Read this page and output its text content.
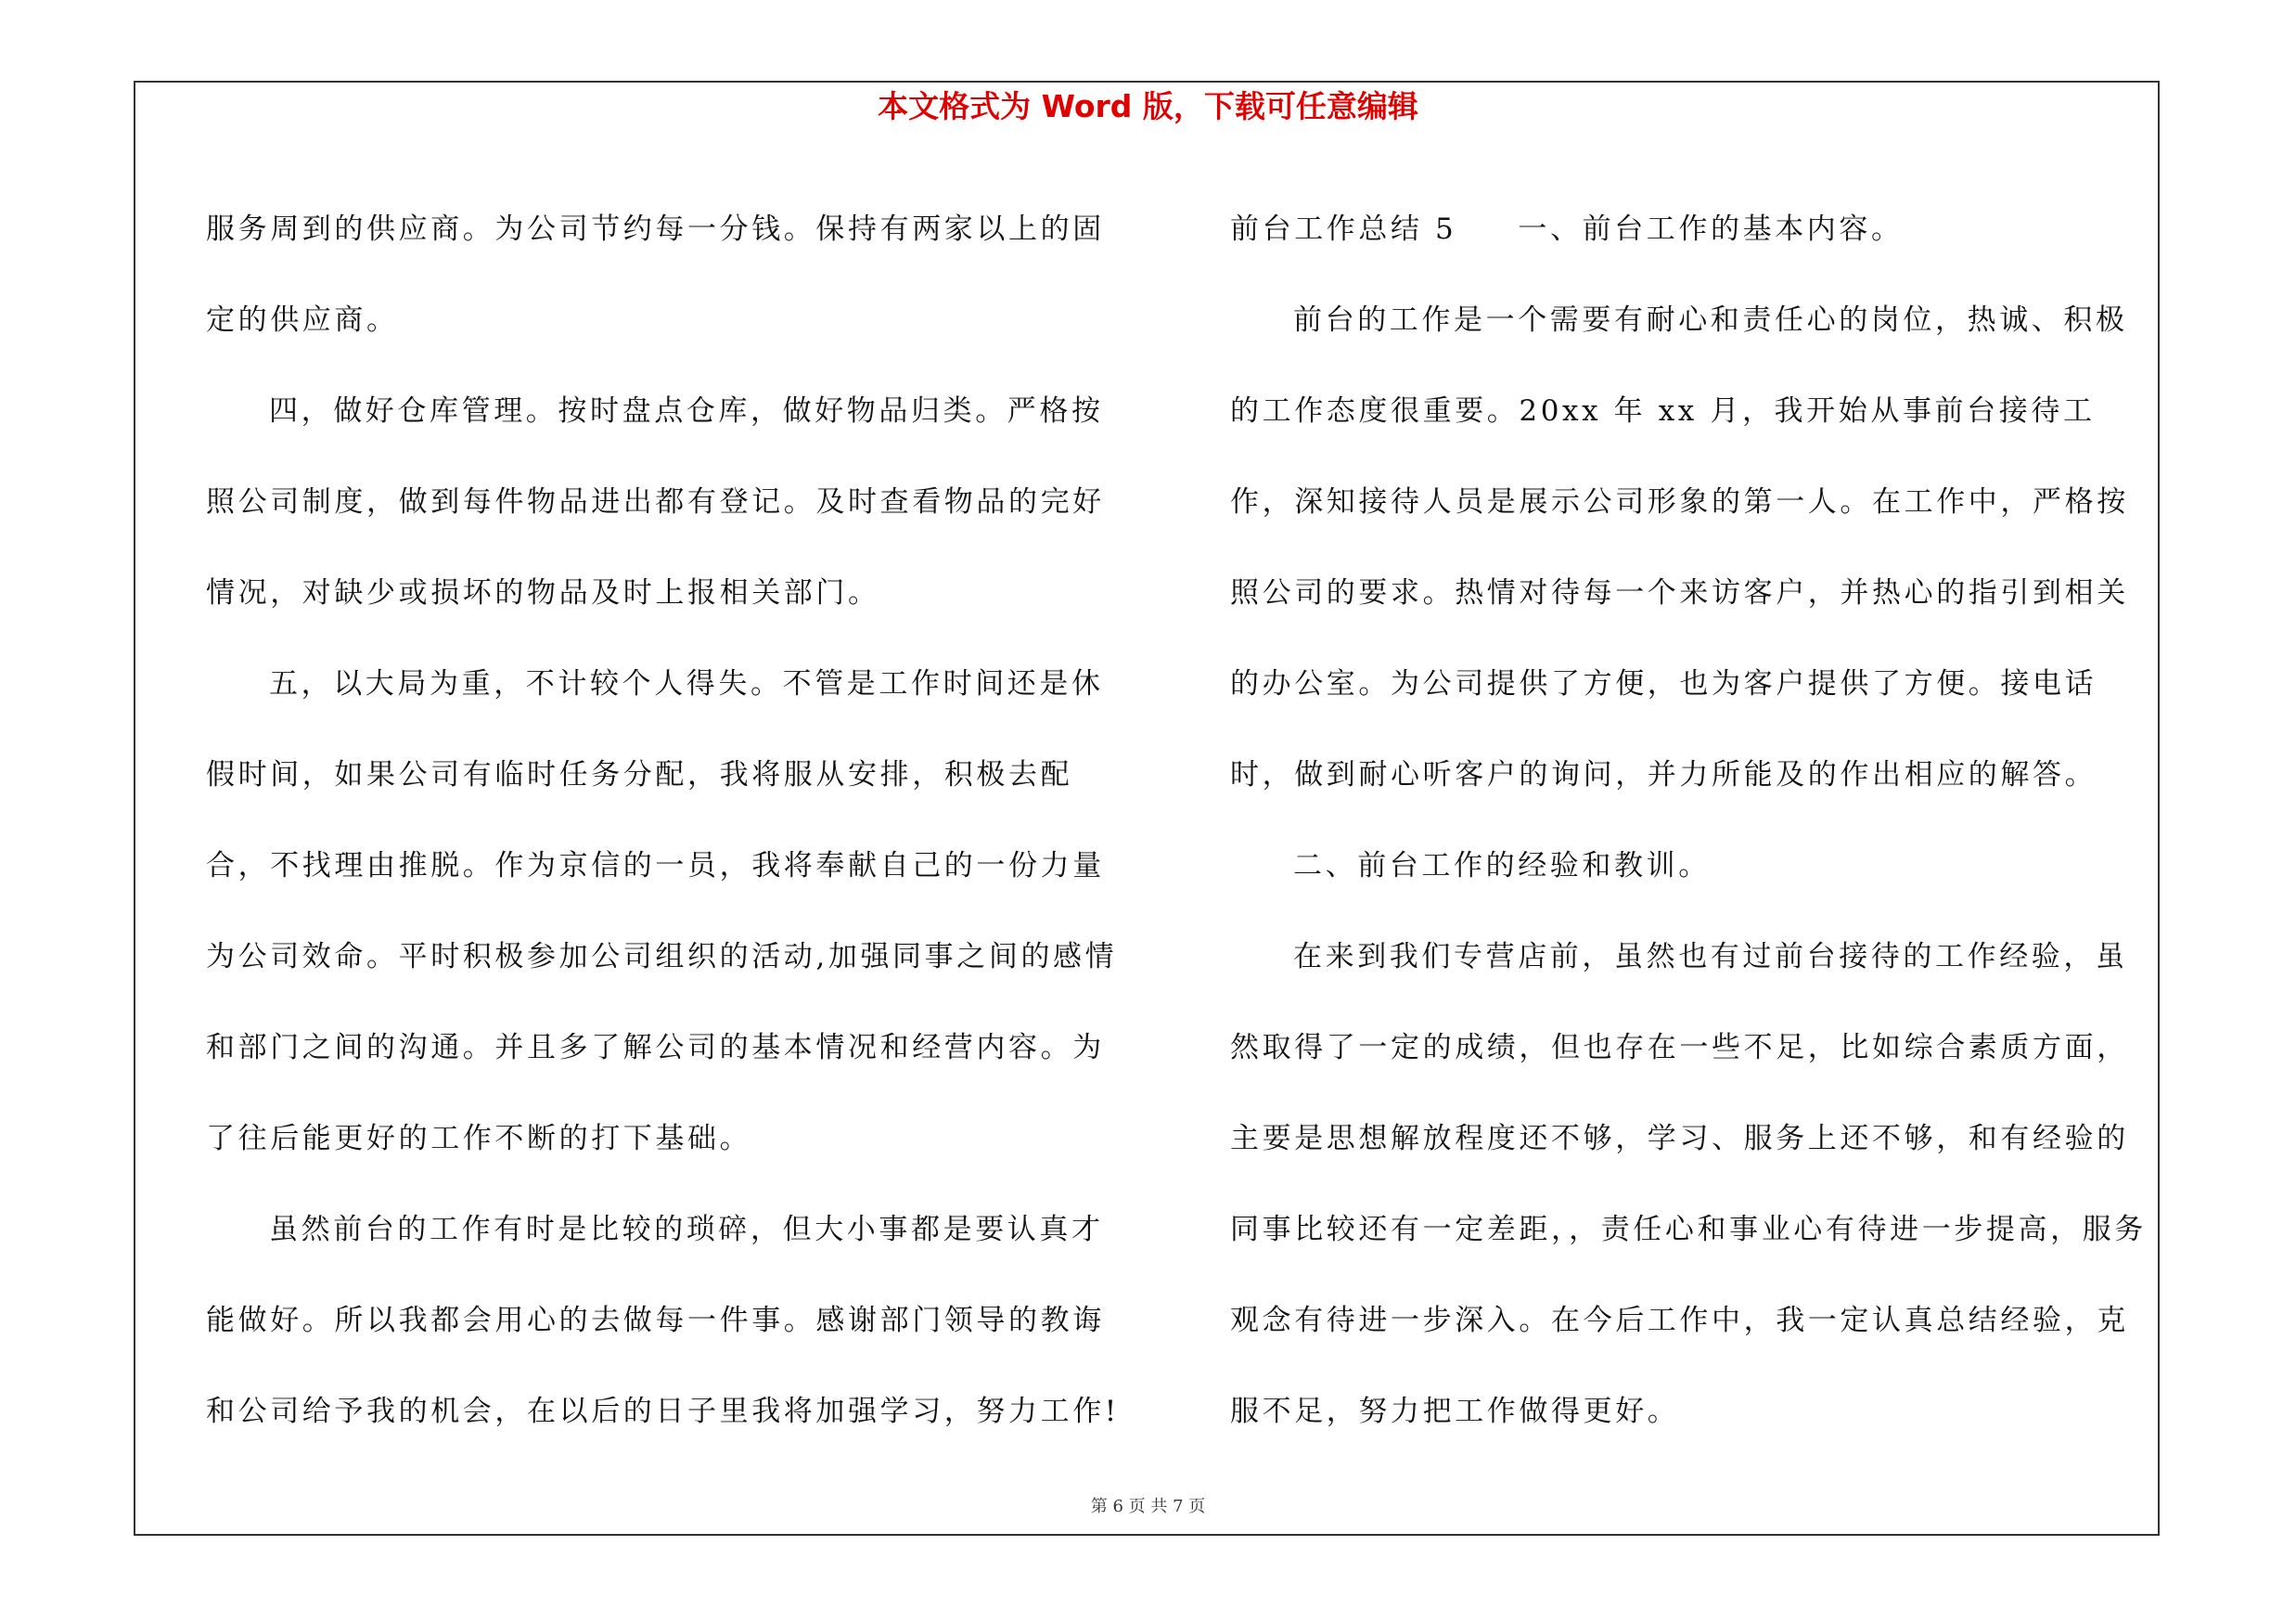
本文格式为 Word 版，下载可任意编辑

服务周到的供应商。为公司节约每一分钱。保持有两家以上的固定的供应商。

四，做好仓库管理。按时盘点仓库，做好物品归类。严格按照公司制度，做到每件物品进出都有登记。及时查看物品的完好情况，对缺少或损坏的物品及时上报相关部门。

五，以大局为重，不计较个人得失。不管是工作时间还是休假时间，如果公司有临时任务分配，我将服从安排，积极去配合，不找理由推脱。作为京信的一员，我将奉献自己的一份力量为公司效命。平时积极参加公司组织的活动,加强同事之间的感情和部门之间的沟通。并且多了解公司的基本情况和经营内容。为了往后能更好的工作不断的打下基础。

虽然前台的工作有时是比较的琐碎，但大小事都是要认真才能做好。所以我都会用心的去做每一件事。感谢部门领导的教诲和公司给予我的机会，在以后的日子里我将加强学习，努力工作!

前台工作总结 5 一、前台工作的基本内容。

前台的工作是一个需要有耐心和责任心的岗位，热诚、积极的工作态度很重要。20xx 年 xx 月，我开始从事前台接待工作，深知接待人员是展示公司形象的第一人。在工作中，严格按照公司的要求。热情对待每一个来访客户，并热心的指引到相关的办公室。为公司提供了方便，也为客户提供了方便。接电话时，做到耐心听客户的询问，并力所能及的作出相应的解答。

二、前台工作的经验和教训。

在来到我们专营店前，虽然也有过前台接待的工作经验，虽然取得了一定的成绩，但也存在一些不足，比如综合素质方面，主要是思想解放程度还不够，学习、服务上还不够，和有经验的同事比较还有一定差距，，责任心和事业心有待进一步提高，服务观念有待进一步深入。在今后工作中，我一定认真总结经验，克服不足，努力把工作做得更好。

第 6 页 共 7 页
